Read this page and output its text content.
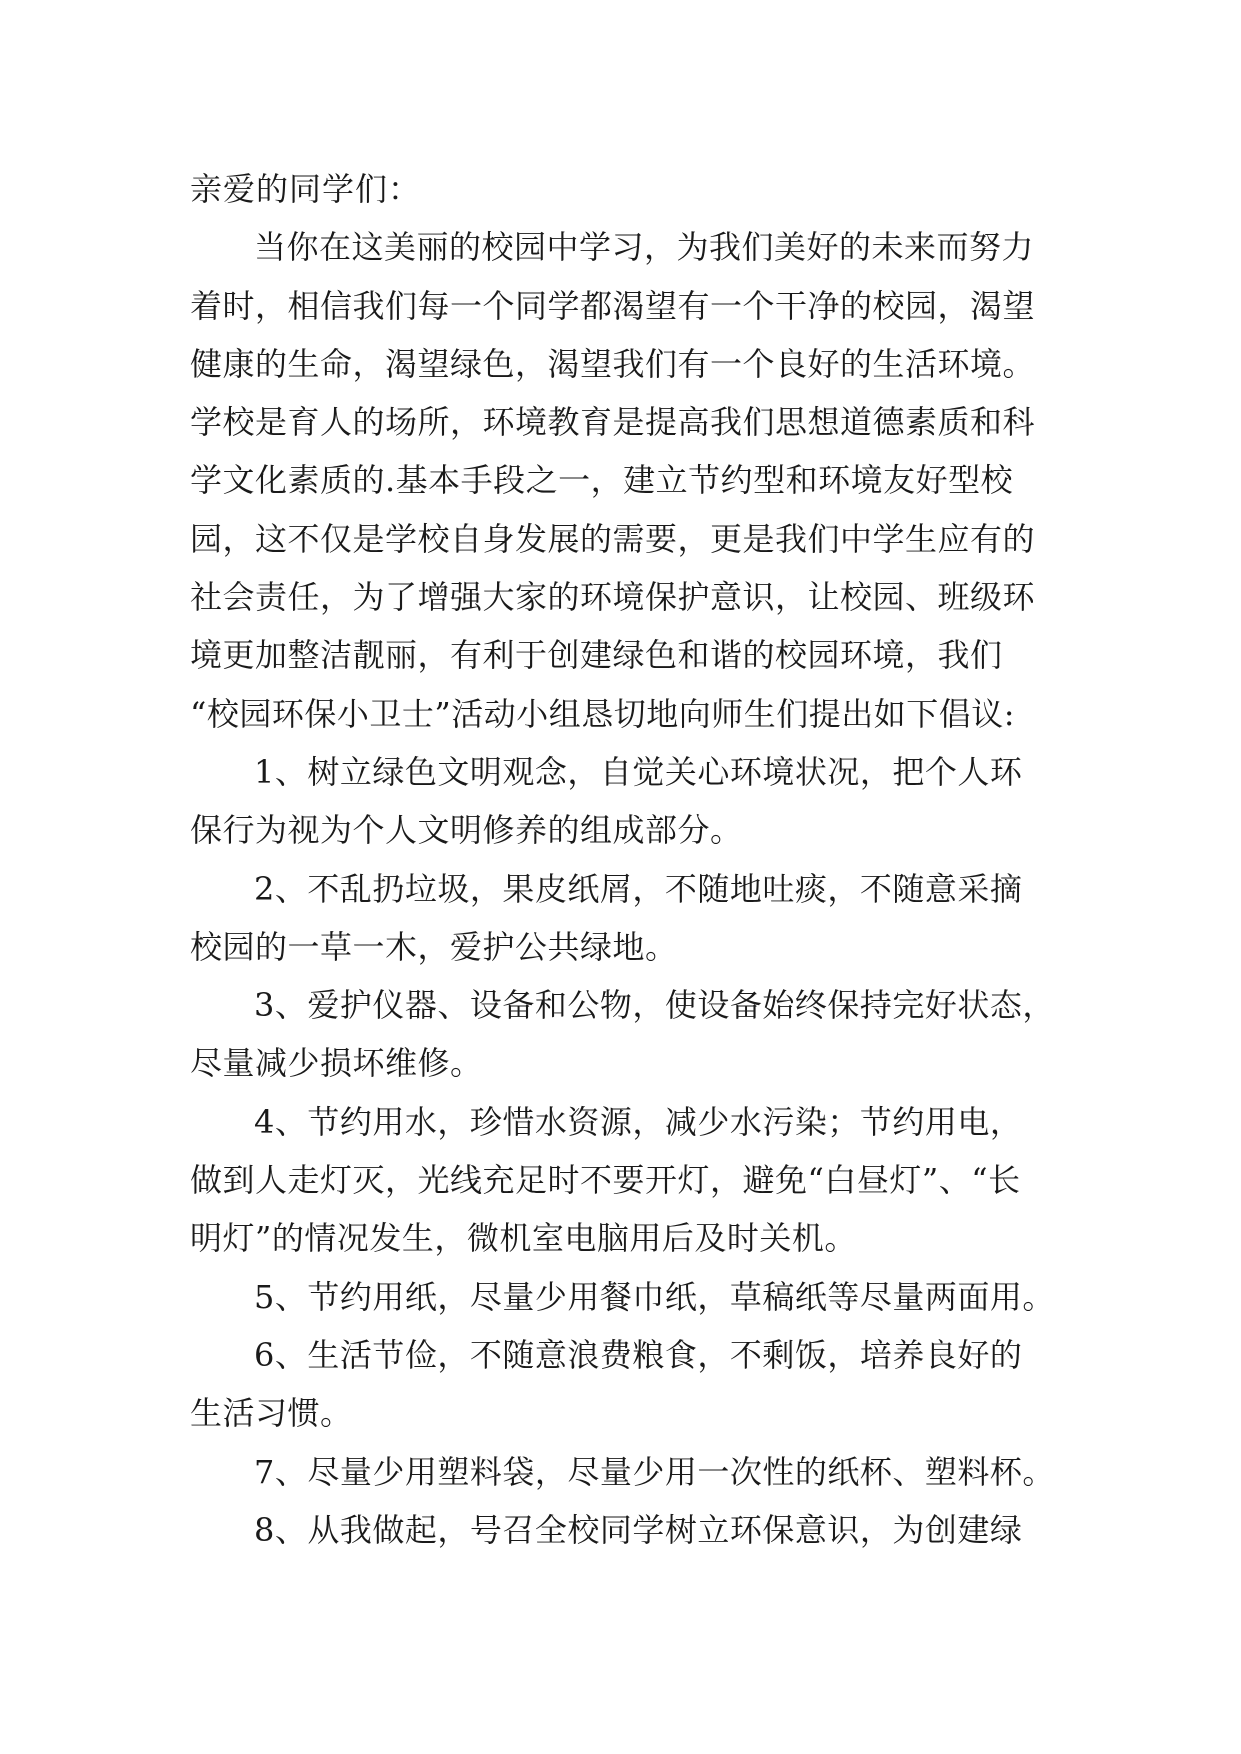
亲爱的同学们：
当你在这美丽的校园中学习，为我们美好的未来而努力
着时，相信我们每一个同学都渴望有一个干净的校园，渴望
健康的生命，渴望绿色，渴望我们有一个良好的生活环境。
学校是育人的场所，环境教育是提高我们思想道德素质和科
学文化素质的.基本手段之一，建立节约型和环境友好型校
园，这不仅是学校自身发展的需要，更是我们中学生应有的
社会责任，为了增强大家的环境保护意识，让校园、班级环
境更加整洁靓丽，有利于创建绿色和谐的校园环境，我们
“校园环保小卫士”活动小组恳切地向师生们提出如下倡议:
1、树立绿色文明观念，自觉关心环境状况，把个人环
保行为视为个人文明修养的组成部分。
2、不乱扔垃圾，果皮纸屑，不随地吐痰，不随意采摘
校园的一草一木，爱护公共绿地。
3、爱护仪器、设备和公物，使设备始终保持完好状态，
尽量减少损坏维修。
4、节约用水，珍惜水资源，减少水污染；节约用电，
做到人走灯灭，光线充足时不要开灯，避免“白昼灯”、“长
明灯”的情况发生，微机室电脑用后及时关机。
5、节约用纸，尽量少用餐巾纸，草稿纸等尽量两面用。
6、生活节俭，不随意浪费粮食，不剩饭，培养良好的
生活习惯。
7、尽量少用塑料袋，尽量少用一次性的纸杯、塑料杯。
8、从我做起，号召全校同学树立环保意识，为创建绿
